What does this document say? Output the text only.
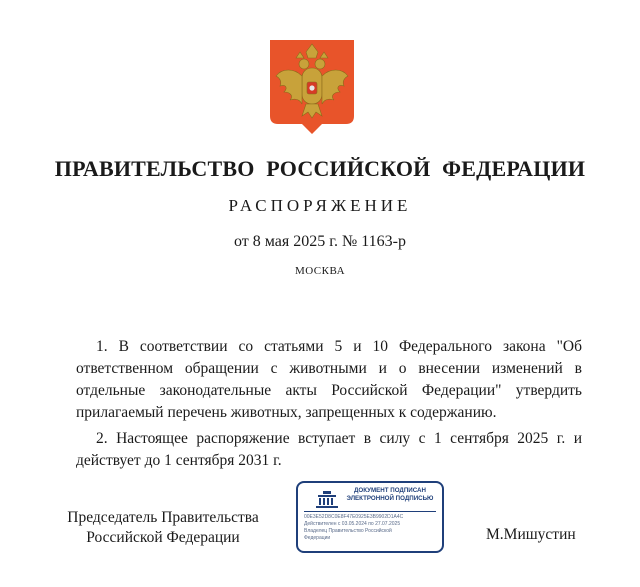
ПРАВИТЕЛЬСТВО РОССИЙСКОЙ ФЕДЕРАЦИИ
РАСПОРЯЖЕНИЕ
от 8 мая 2025 г. № 1163-р
МОСКВА

1. В соответствии со статьями 5 и 10 Федерального закона "Об ответственном обращении с животными и о внесении изменений в отдельные законодательные акты Российской Федерации" утвердить прилагаемый перечень животных, запрещенных к содержанию.

2. Настоящее распоряжение вступает в силу с 1 сентября 2025 г. и действует до 1 сентября 2031 г.

Председатель Правительства
Российской Федерации
ДОКУМЕНТ ПОДПИСАН
ЭЛЕКТРОННОЙ ПОДПИСЬЮ
00E3E52D8C0E8F47E0925E3B9902D1A4C
Действителен с 03.05.2024 по 27.07.2025
Владелец Правительство Российской
Федерации	М.Мишустин
